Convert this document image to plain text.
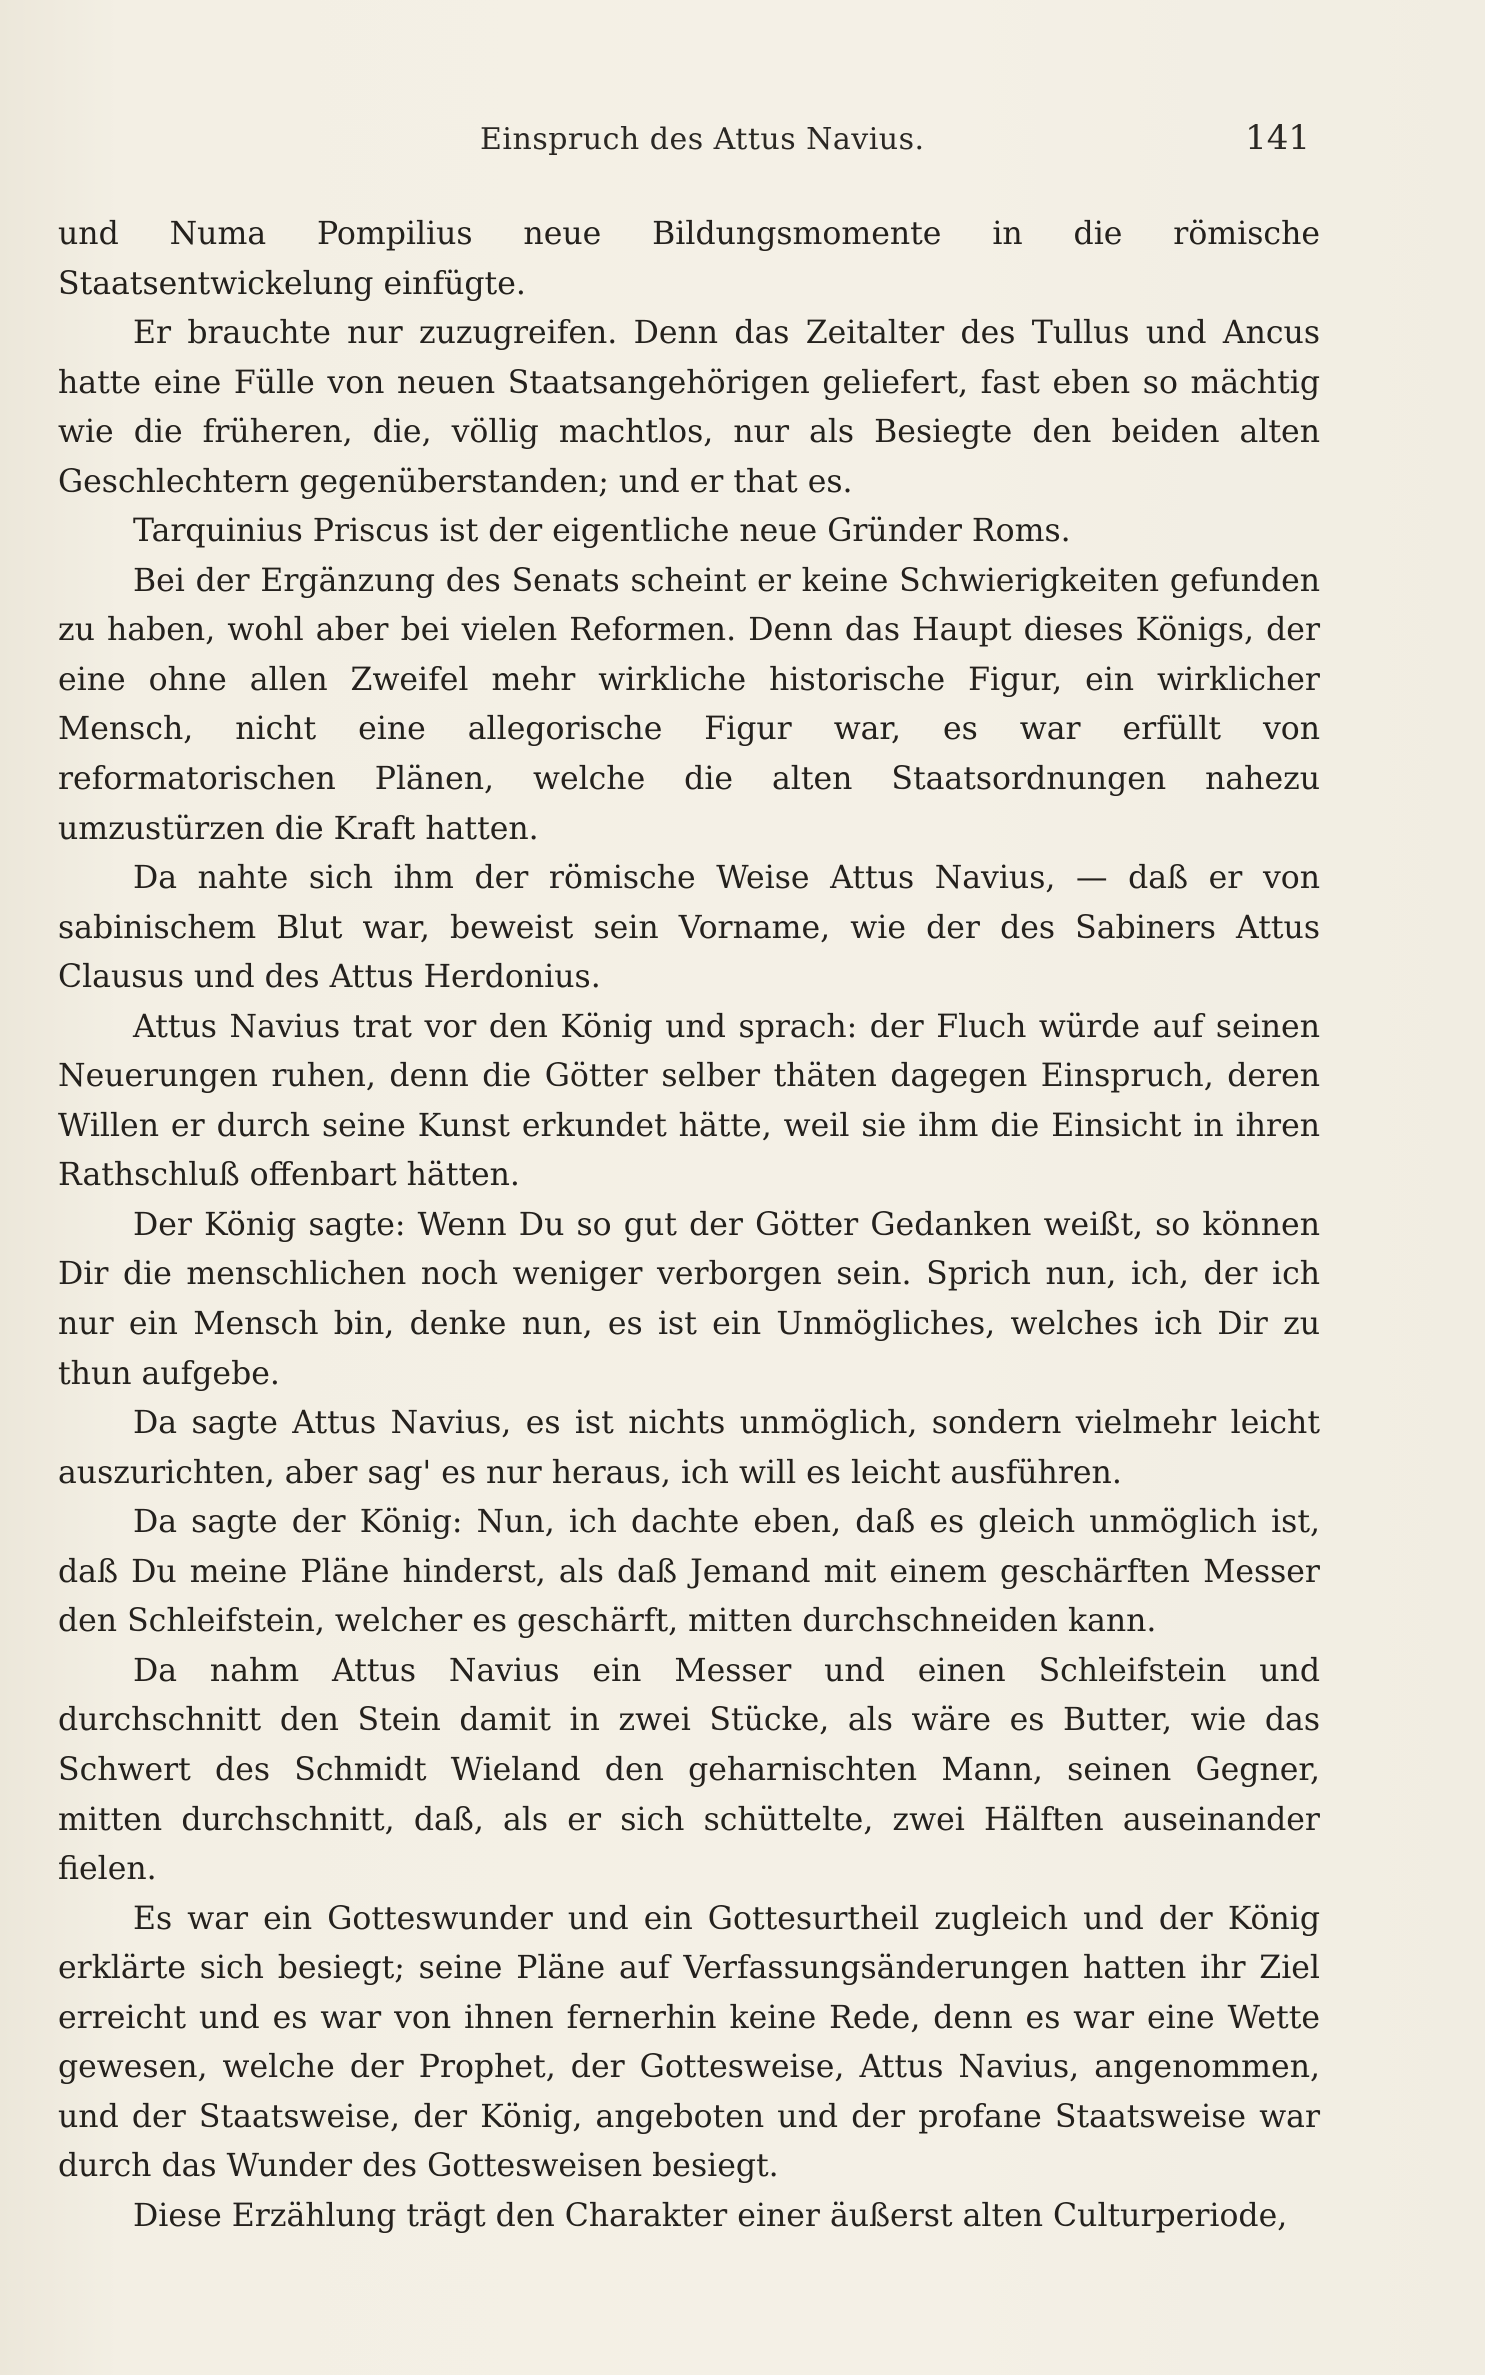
Einspruch des Attus Navius.	141

und Numa Pompilius neue Bildungsmomente in die römische Staatsentwickelung einfügte.

Er brauchte nur zuzugreifen. Denn das Zeitalter des Tullus und Ancus hatte eine Fülle von neuen Staatsangehörigen geliefert, fast eben so mächtig wie die früheren, die, völlig machtlos, nur als Besiegte den beiden alten Geschlechtern gegenüberstanden; und er that es.

Tarquinius Priscus ist der eigentliche neue Gründer Roms.

Bei der Ergänzung des Senats scheint er keine Schwierigkeiten gefunden zu haben, wohl aber bei vielen Reformen. Denn das Haupt dieses Königs, der eine ohne allen Zweifel mehr wirkliche historische Figur, ein wirklicher Mensch, nicht eine allegorische Figur war, es war erfüllt von reformatorischen Plänen, welche die alten Staatsordnungen nahezu umzustürzen die Kraft hatten.

Da nahte sich ihm der römische Weise Attus Navius, — daß er von sabinischem Blut war, beweist sein Vorname, wie der des Sabiners Attus Clausus und des Attus Herdonius.

Attus Navius trat vor den König und sprach: der Fluch würde auf seinen Neuerungen ruhen, denn die Götter selber thäten dagegen Einspruch, deren Willen er durch seine Kunst erkundet hätte, weil sie ihm die Einsicht in ihren Rathschluß offenbart hätten.

Der König sagte: Wenn Du so gut der Götter Gedanken weißt, so können Dir die menschlichen noch weniger verborgen sein. Sprich nun, ich, der ich nur ein Mensch bin, denke nun, es ist ein Unmögliches, welches ich Dir zu thun aufgebe.

Da sagte Attus Navius, es ist nichts unmöglich, sondern vielmehr leicht auszurichten, aber sag' es nur heraus, ich will es leicht ausführen.

Da sagte der König: Nun, ich dachte eben, daß es gleich unmöglich ist, daß Du meine Pläne hinderst, als daß Jemand mit einem geschärften Messer den Schleifstein, welcher es geschärft, mitten durchschneiden kann.

Da nahm Attus Navius ein Messer und einen Schleifstein und durchschnitt den Stein damit in zwei Stücke, als wäre es Butter, wie das Schwert des Schmidt Wieland den geharnischten Mann, seinen Gegner, mitten durchschnitt, daß, als er sich schüttelte, zwei Hälften auseinander fielen.

Es war ein Gotteswunder und ein Gottesurtheil zugleich und der König erklärte sich besiegt; seine Pläne auf Verfassungsänderungen hatten ihr Ziel erreicht und es war von ihnen fernerhin keine Rede, denn es war eine Wette gewesen, welche der Prophet, der Gottesweise, Attus Navius, angenommen, und der Staatsweise, der König, angeboten und der profane Staatsweise war durch das Wunder des Gottesweisen besiegt.

Diese Erzählung trägt den Charakter einer äußerst alten Culturperiode,
